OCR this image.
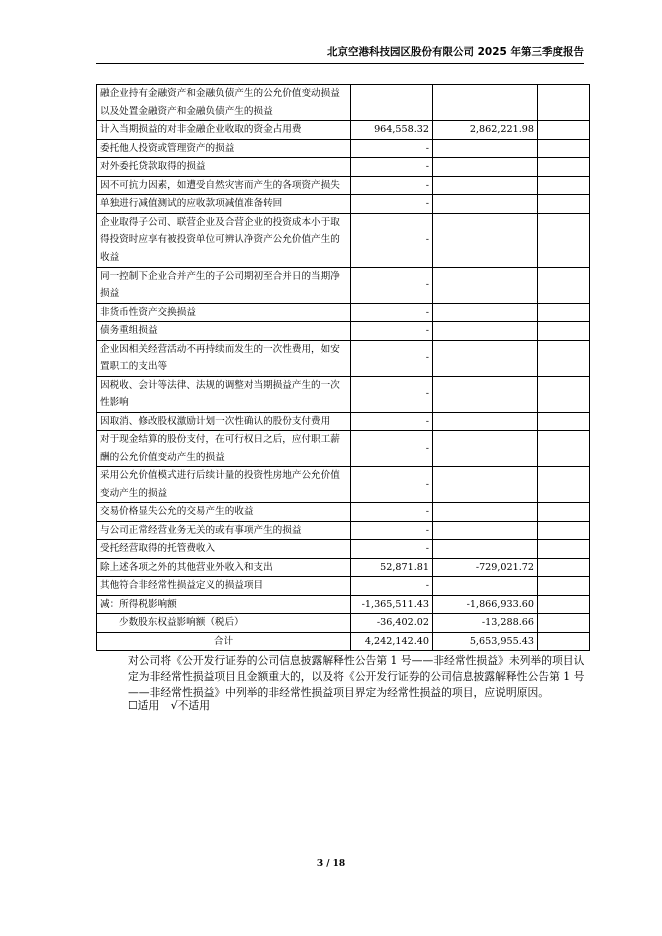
北京空港科技园区股份有限公司 2025 年第三季度报告
融企业持有金融资产和金融负债产生的公允价值变动损益以及处置金融资产和金融负债产生的损益			
计入当期损益的对非金融企业收取的资金占用费	964,558.32	2,862,221.98	
委托他人投资或管理资产的损益	-		
对外委托贷款取得的损益	-		
因不可抗力因素，如遭受自然灾害而产生的各项资产损失	-		
单独进行减值测试的应收款项减值准备转回	-		
企业取得子公司、联营企业及合营企业的投资成本小于取得投资时应享有被投资单位可辨认净资产公允价值产生的收益	-		
同一控制下企业合并产生的子公司期初至合并日的当期净损益	-		
非货币性资产交换损益	-		
债务重组损益	-		
企业因相关经营活动不再持续而发生的一次性费用，如安置职工的支出等	-		
因税收、会计等法律、法规的调整对当期损益产生的一次性影响	-		
因取消、修改股权激励计划一次性确认的股份支付费用	-		
对于现金结算的股份支付，在可行权日之后，应付职工薪酬的公允价值变动产生的损益	-		
采用公允价值模式进行后续计量的投资性房地产公允价值变动产生的损益	-		
交易价格显失公允的交易产生的收益	-		
与公司正常经营业务无关的或有事项产生的损益	-		
受托经营取得的托管费收入	-		
除上述各项之外的其他营业外收入和支出	52,871.81	-729,021.72	
其他符合非经常性损益定义的损益项目	-		
减：所得税影响额	-1,365,511.43	-1,866,933.60	
少数股东权益影响额（税后）	-36,402.02	-13,288.66	
合计	4,242,142.40	5,653,955.43	

对公司将《公开发行证券的公司信息披露解释性公告第 1 号——非经常性损益》未列举的项目认定为非经常性损益项目且金额重大的，以及将《公开发行证券的公司信息披露解释性公告第 1 号——非经常性损益》中列举的非经常性损益项目界定为经常性损益的项目，应说明原因。

☐适用 √不适用
3 / 18
